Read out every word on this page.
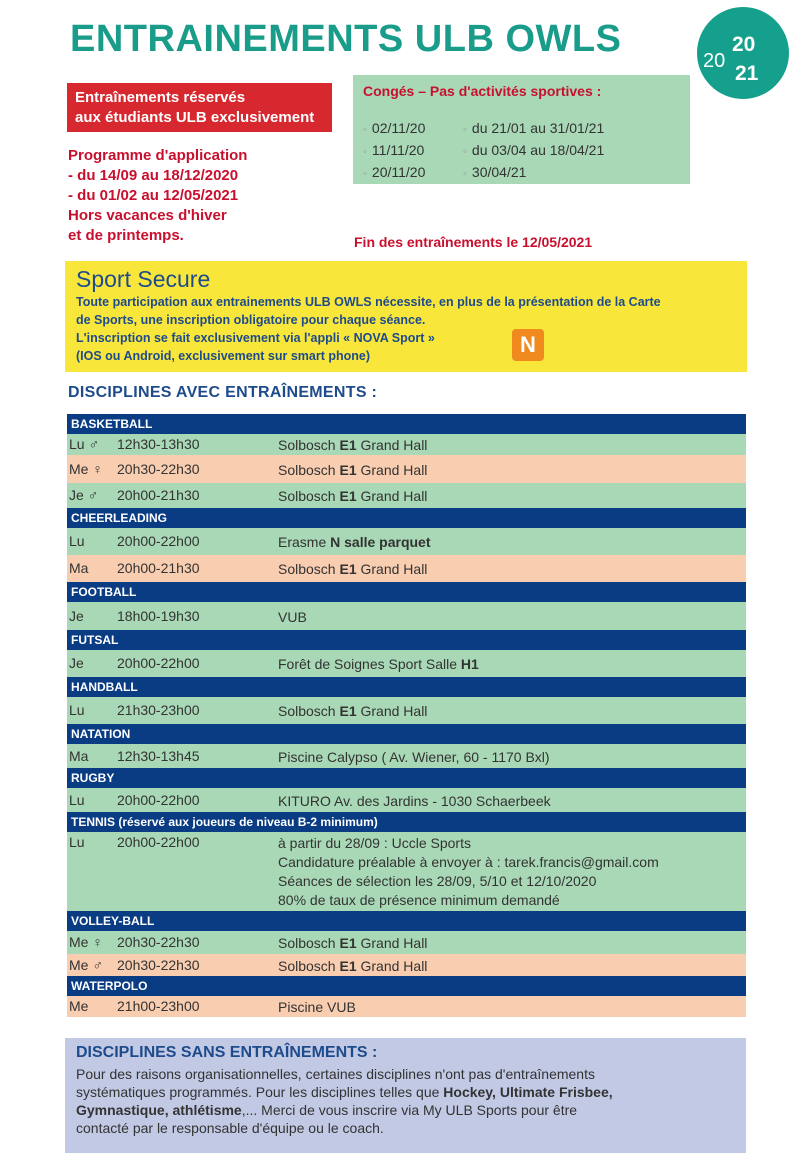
ENTRAINEMENTS ULB OWLS
20
20
21
Entraînements réservés
aux étudiants ULB exclusivement
Programme d'application
- du 14/09 au 18/12/2020
- du 01/02 au 12/05/2021
Hors vacances d'hiver
et de printemps.
Congés – Pas d'activités sportives :
◦ 02/11/20
◦ 11/11/20
◦ 20/11/20
◦ du 21/01 au 31/01/21
◦ du 03/04 au 18/04/21
◦ 30/04/21
Fin des entraînements le 12/05/2021
Sport Secure
Toute participation aux entrainements ULB OWLS nécessite, en plus de la présentation de la Carte
de Sports, une inscription obligatoire pour chaque séance.
L'inscription se fait exclusivement via l'appli « NOVA Sport »
(IOS ou Android, exclusivement sur smart phone)	N
DISCIPLINES AVEC ENTRAÎNEMENTS :
BASKETBALL
Lu ♂ 12h30-13h30	Solbosch E1 Grand Hall
Me ♀ 20h30-22h30	Solbosch E1 Grand Hall
Je ♂ 20h00-21h30	Solbosch E1 Grand Hall
CHEERLEADING
Lu 20h00-22h00	Erasme N salle parquet
Ma 20h00-21h30	Solbosch E1 Grand Hall
FOOTBALL
Je 18h00-19h30	VUB
FUTSAL
Je 20h00-22h00	Forêt de Soignes Sport Salle H1
HANDBALL
Lu 21h30-23h00	Solbosch E1 Grand Hall
NATATION
Ma 12h30-13h45	Piscine Calypso ( Av. Wiener, 60 - 1170 Bxl)
RUGBY
Lu 20h00-22h00	KITURO Av. des Jardins - 1030 Schaerbeek
TENNIS (réservé aux joueurs de niveau B-2 minimum)
Lu 20h00-22h00	à partir du 28/09 : Uccle Sports
Candidature préalable à envoyer à : tarek.francis@gmail.com
Séances de sélection les 28/09, 5/10 et 12/10/2020
80% de taux de présence minimum demandé
VOLLEY-BALL
Me ♀ 20h30-22h30	Solbosch E1 Grand Hall
Me ♂ 20h30-22h30	Solbosch E1 Grand Hall
WATERPOLO
Me 21h00-23h00	Piscine VUB
DISCIPLINES SANS ENTRAÎNEMENTS :
Pour des raisons organisationnelles, certaines disciplines n'ont pas d'entraînements
systématiques programmés. Pour les disciplines telles que Hockey, Ultimate Frisbee,
Gymnastique, athlétisme,... Merci de vous inscrire via My ULB Sports pour être
contacté par le responsable d'équipe ou le coach.
